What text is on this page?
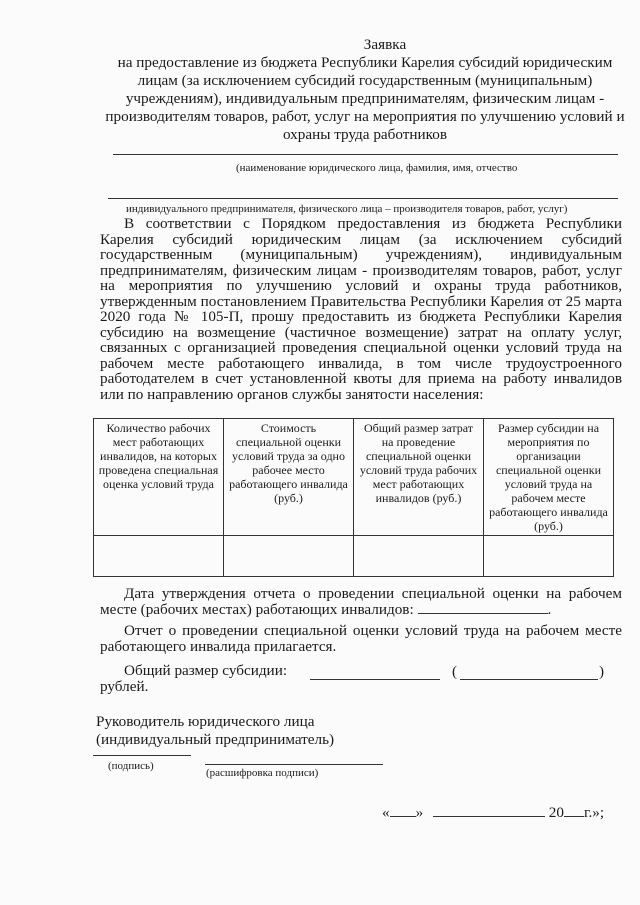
Заявка
на предоставление из бюджета Республики Карелия субсидий юридическим лицам (за исключением субсидий государственным (муниципальным) учреждениям), индивидуальным предпринимателям, физическим лицам - производителям товаров, работ, услуг на мероприятия по улучшению условий и охраны труда работников
(наименование юридического лица, фамилия, имя, отчество
индивидуального предпринимателя, физического лица – производителя товаров, работ, услуг)
В соответствии с Порядком предоставления из бюджета Республики Карелия субсидий юридическим лицам (за исключением субсидий государственным (муниципальным) учреждениям), индивидуальным предпринимателям, физическим лицам - производителям товаров, работ, услуг на мероприятия по улучшению условий и охраны труда работников, утвержденным постановлением Правительства Республики Карелия от 25 марта 2020 года № 105-П, прошу предоставить из бюджета Республики Карелия субсидию на возмещение (частичное возмещение) затрат на оплату услуг, связанных с организацией проведения специальной оценки условий труда на рабочем месте работающего инвалида, в том числе трудоустроенного работодателем в счет установленной квоты для приема на работу инвалидов или по направлению органов службы занятости населения:
Количество рабочих мест работающих инвалидов, на которых проведена специальная оценка условий труда	Стоимость специальной оценки условий труда за одно рабочее место работающего инвалида (руб.)	Общий размер затрат на проведение специальной оценки условий труда рабочих мест работающих инвалидов (руб.)	Размер субсидии на мероприятия по организации специальной оценки условий труда на рабочем месте работающего инвалида (руб.)

Дата утверждения отчета о проведении специальной оценки на рабочем месте (рабочих местах) работающих инвалидов:	.
Отчет о проведении специальной оценки условий труда на рабочем месте работающего инвалида прилагается.
Общий размер субсидии:	(	)
рублей.
Руководитель юридического лица
(индивидуальный предприниматель)
(подпись)
(расшифровка подписи)
« »	20 г.»;
